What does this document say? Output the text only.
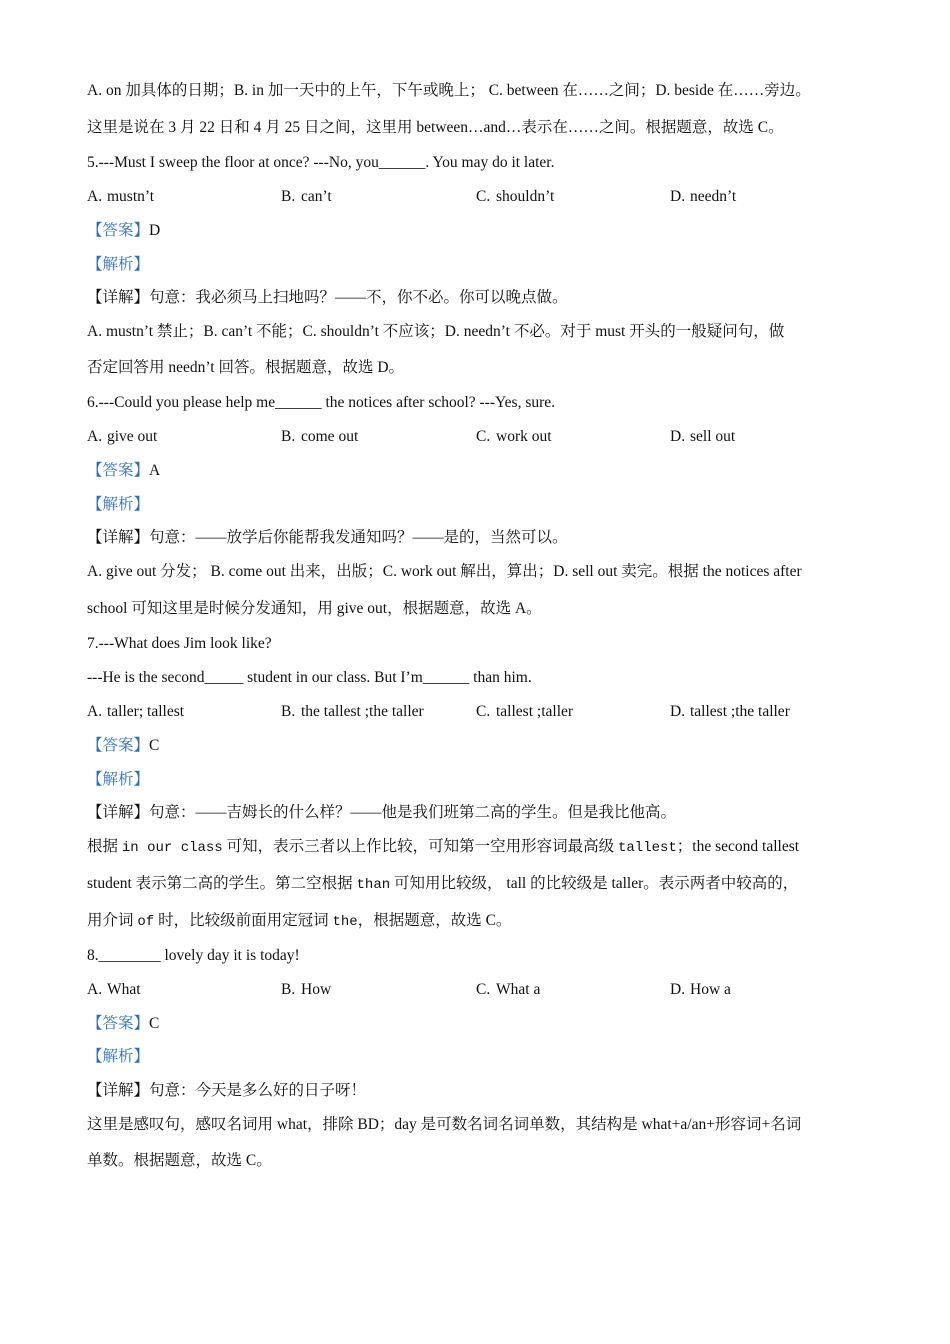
A. on 加具体的日期；B. in 加一天中的上午，下午或晚上； C. between 在……之间；D. beside 在……旁边。
这里是说在 3 月 22 日和 4 月 25 日之间，这里用 between…and…表示在……之间。根据题意，故选 C。
5.---Must I sweep the floor at once? ---No, you______. You may do it later.
A. mustn’t	B. can’t	C. shouldn’t	D. needn’t
【答案】D
【解析】
【详解】句意：我必须马上扫地吗？——不，你不必。你可以晚点做。
A. mustn’t 禁止；B. can’t 不能；C. shouldn’t 不应该；D. needn’t 不必。对于 must 开头的一般疑问句，做
否定回答用 needn’t 回答。根据题意，故选 D。
6.---Could you please help me______ the notices after school? ---Yes, sure.
A. give out	B. come out	C. work out	D. sell out
【答案】A
【解析】
【详解】句意：——放学后你能帮我发通知吗？——是的，当然可以。
A. give out 分发； B. come out 出来，出版；C. work out 解出，算出；D. sell out 卖完。根据 the notices after
school 可知这里是时候分发通知，用 give out，根据题意，故选 A。
7.---What does Jim look like?
---He is the second_____ student in our class. But I’m______ than him.
A. taller; tallest	B. the tallest ;the taller	C. tallest ;taller	D. tallest ;the taller
【答案】C
【解析】
【详解】句意：——吉姆长的什么样？——他是我们班第二高的学生。但是我比他高。
根据 in our class 可知，表示三者以上作比较，可知第一空用形容词最高级 tallest；the second tallest
student 表示第二高的学生。第二空根据 than 可知用比较级， tall 的比较级是 taller。表示两者中较高的，
用介词 of 时，比较级前面用定冠词 the，根据题意，故选 C。
8.________ lovely day it is today!
A. What	B. How	C. What a	D. How a
【答案】C
【解析】
【详解】句意：今天是多么好的日子呀！
这里是感叹句，感叹名词用 what，排除 BD；day 是可数名词名词单数，其结构是 what+a/an+形容词+名词
单数。根据题意，故选 C。
